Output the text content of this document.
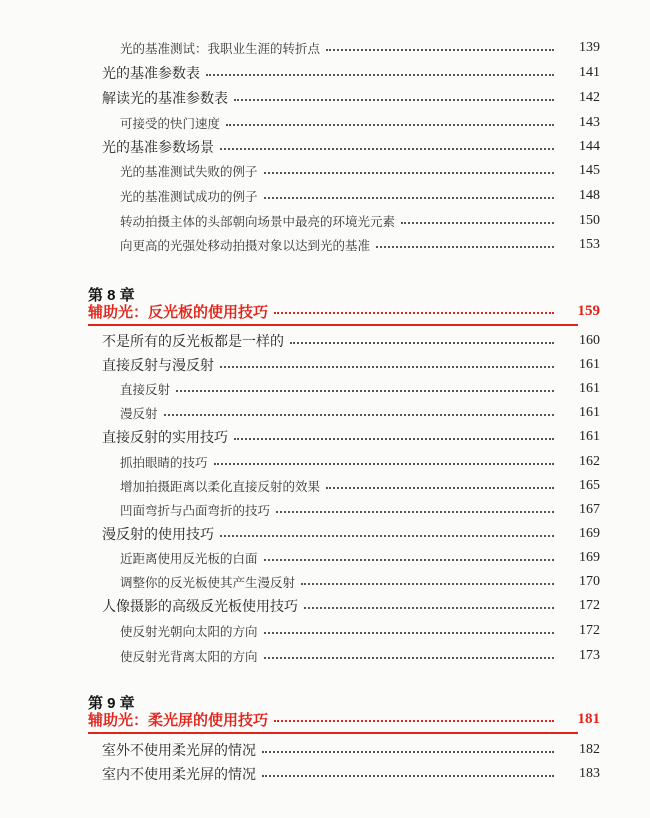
光的基准测试：我职业生涯的转折点	139
光的基准参数表	141
解读光的基准参数表	142
可接受的快门速度	143
光的基准参数场景	144
光的基准测试失败的例子	145
光的基准测试成功的例子	148
转动拍摄主体的头部朝向场景中最亮的环境光元素	150
向更高的光强处移动拍摄对象以达到光的基准	153
第 8 章
辅助光：反光板的使用技巧	159
不是所有的反光板都是一样的	160
直接反射与漫反射	161
直接反射	161
漫反射	161
直接反射的实用技巧	161
抓拍眼睛的技巧	162
增加拍摄距离以柔化直接反射的效果	165
凹面弯折与凸面弯折的技巧	167
漫反射的使用技巧	169
近距离使用反光板的白面	169
调整你的反光板使其产生漫反射	170
人像摄影的高级反光板使用技巧	172
使反射光朝向太阳的方向	172
使反射光背离太阳的方向	173
第 9 章
辅助光：柔光屏的使用技巧	181
室外不使用柔光屏的情况	182
室内不使用柔光屏的情况	183
